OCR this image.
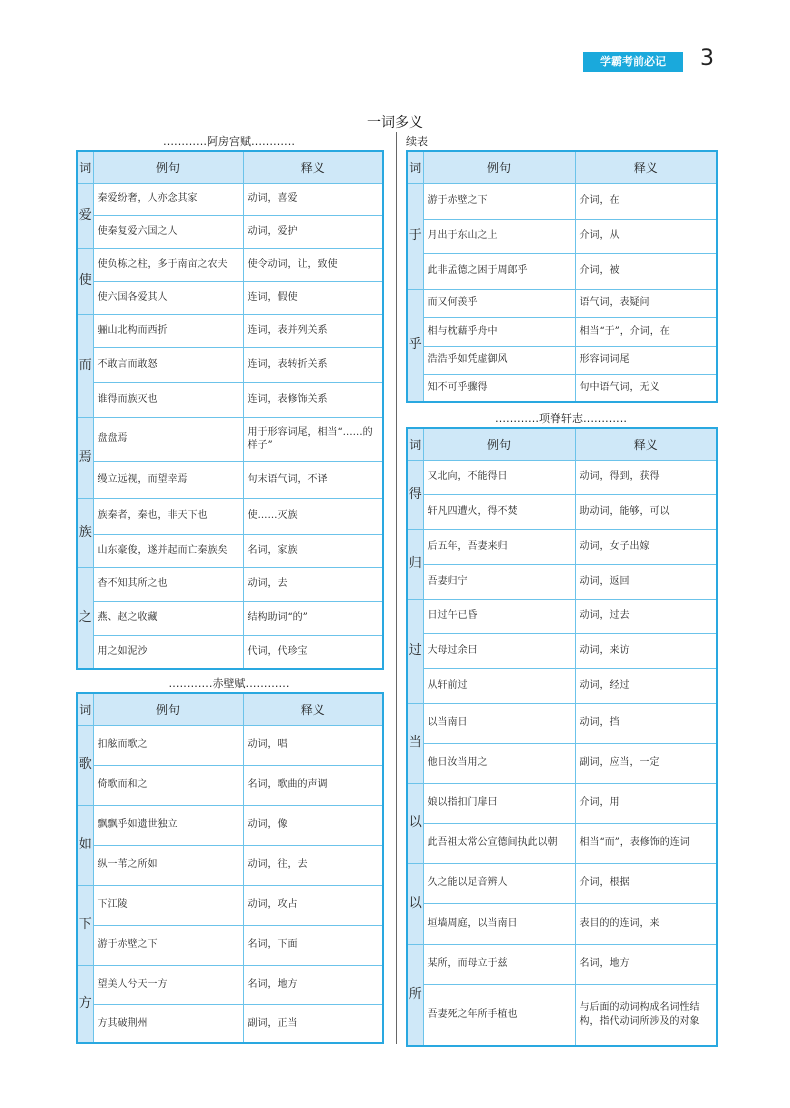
学霸考前必记	3
一词多义
…………阿房宫赋…………
词	例句	释义
爱	秦爱纷奢，人亦念其家	动词，喜爱
	使秦复爱六国之人	动词，爱护
使	使负栋之柱，多于南亩之农夫	使令动词，让，致使
	使六国各爱其人	连词，假使
而	骊山北构而西折	连词，表并列关系
	不敢言而敢怒	连词，表转折关系
	谁得而族灭也	连词，表修饰关系
焉	盘盘焉	用于形容词尾，相当“……的样子”
	缦立远视，而望幸焉	句末语气词，不译
族	族秦者，秦也，非天下也	使……灭族
	山东豪俊，遂并起而亡秦族矣	名词，家族
之	杳不知其所之也	动词，去
	燕、赵之收藏	结构助词“的”
	用之如泥沙	代词，代珍宝
…………赤壁赋…………
词	例句	释义
歌	扣舷而歌之	动词，唱
	倚歌而和之	名词，歌曲的声调
如	飘飘乎如遗世独立	动词，像
	纵一苇之所如	动词，往，去
下	下江陵	动词，攻占
	游于赤壁之下	名词，下面
方	望美人兮天一方	名词，地方
	方其破荆州	副词，正当
续表
词	例句	释义
于	游于赤壁之下	介词，在
	月出于东山之上	介词，从
	此非孟德之困于周郎乎	介词，被
乎	而又何羡乎	语气词，表疑问
	相与枕藉乎舟中	相当“于”，介词，在
	浩浩乎如凭虚御风	形容词词尾
	知不可乎骤得	句中语气词，无义
…………项脊轩志…………
词	例句	释义
得	又北向，不能得日	动词，得到，获得
	轩凡四遭火，得不焚	助动词，能够，可以
归	后五年，吾妻来归	动词，女子出嫁
	吾妻归宁	动词，返回
过	日过午已昏	动词，过去
	大母过余曰	动词，来访
	从轩前过	动词，经过
当	以当南日	动词，挡
	他日汝当用之	副词，应当，一定
以	娘以指扣门扉曰	介词，用
	此吾祖太常公宣德间执此以朝	相当“而”，表修饰的连词
以	久之能以足音辨人	介词，根据
	垣墙周庭，以当南日	表目的的连词，来
所	某所，而母立于兹	名词，地方
	吾妻死之年所手植也	与后面的动词构成名词性结构，指代动词所涉及的对象
